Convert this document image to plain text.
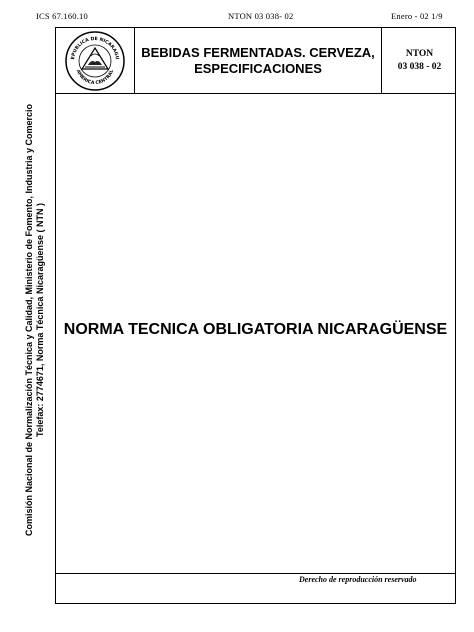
ICS 67.160.10	NTON 03 038- 02	Enero - 02 1/9
Comisión Nacional de Normalización Técnica y Calidad, Ministerio de Fomento, Industria y Comercio Telefax: 2774671, Norma Técnica Nicaragüense ( NTN )
EPUBLICA DE NICARAGU
AMERICA CENTRAL
BEBIDAS FERMENTADAS. CERVEZA,
ESPECIFICACIONES
NTON
03 038 - 02
NORMA TECNICA OBLIGATORIA NICARAGÜENSE
Derecho de reproducción reservado
